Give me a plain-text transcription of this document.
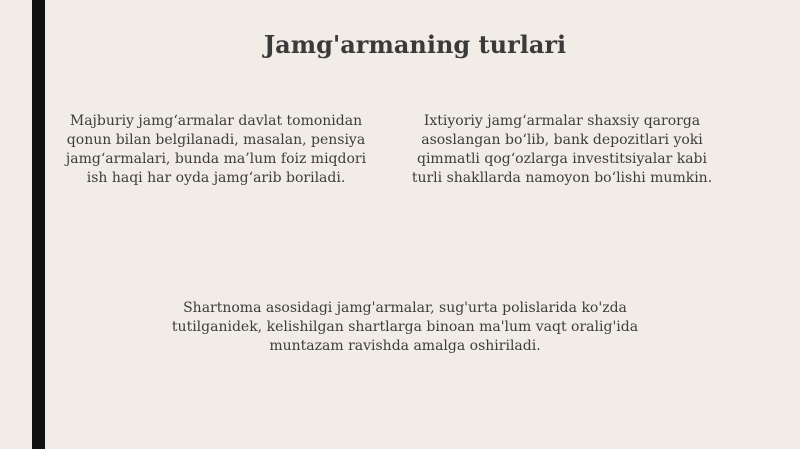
Jamg'armaning turlari

Majburiy jamg‘armalar davlat tomonidan qonun bilan belgilanadi, masalan, pensiya jamg‘armalari, bunda ma’lum foiz miqdori ish haqi har oyda jamg‘arib boriladi.

Ixtiyoriy jamg‘armalar shaxsiy qarorga asoslangan bo‘lib, bank depozitlari yoki qimmatli qog‘ozlarga investitsiyalar kabi turli shakllarda namoyon bo‘lishi mumkin.

Shartnoma asosidagi jamg'armalar, sug'urta polislarida ko'zda tutilganidek, kelishilgan shartlarga binoan ma'lum vaqt oralig'ida muntazam ravishda amalga oshiriladi.
